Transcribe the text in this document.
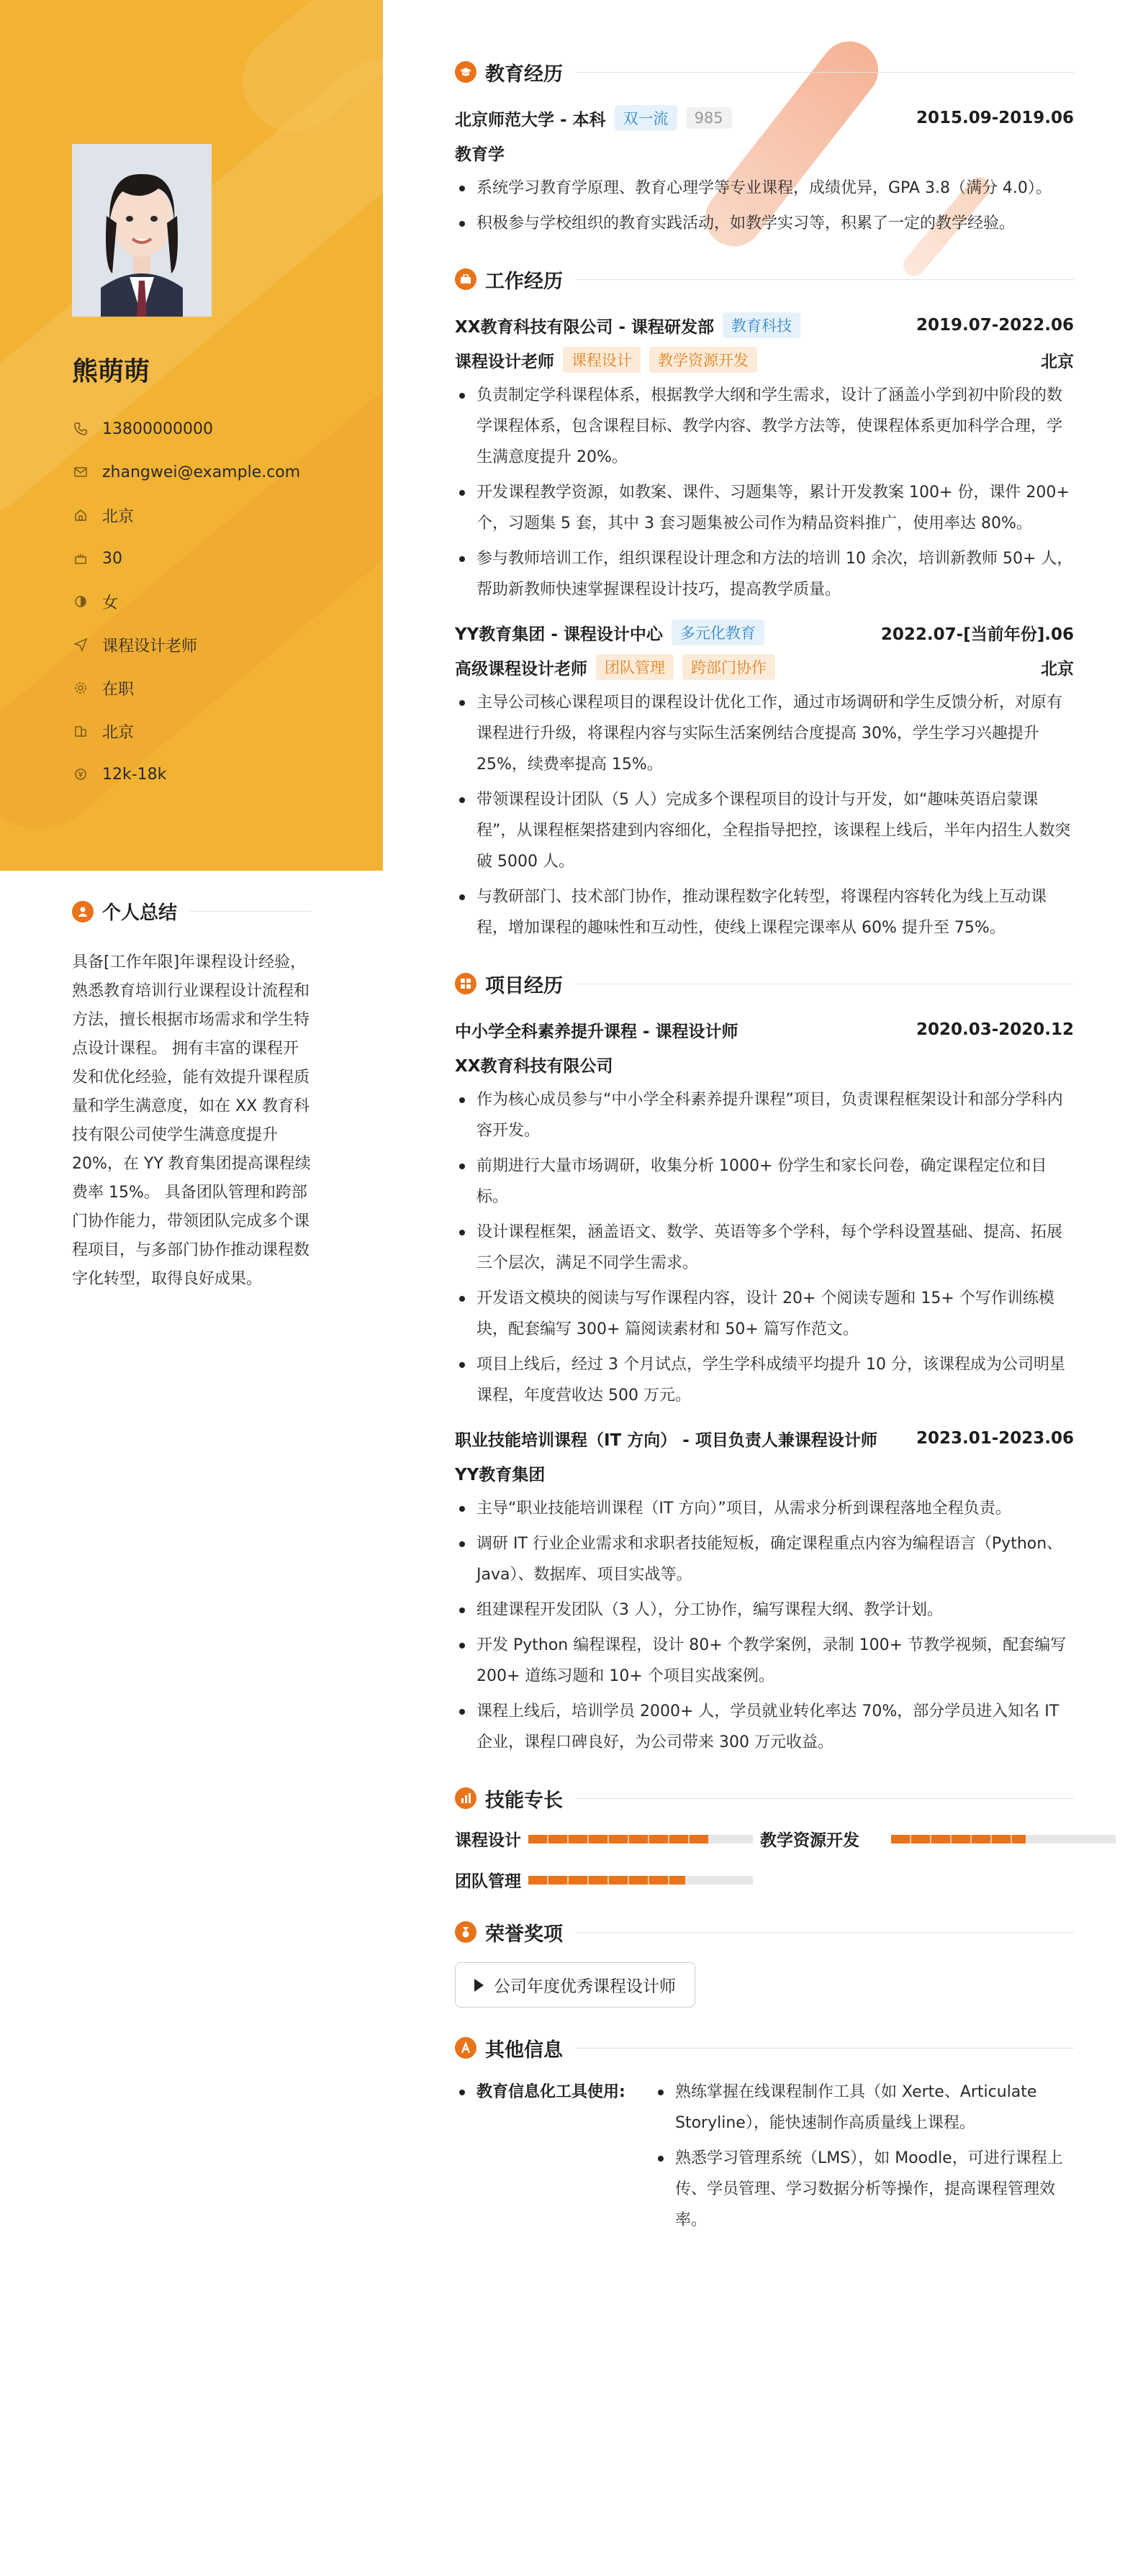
熊萌萌
13800000000
zhangwei@example.com
北京
30
女
课程设计老师
在职
北京
12k-18k
个人总结
具备[工作年限]年课程设计经验，熟悉教育培训行业课程设计流程和方法，擅长根据市场需求和学生特点设计课程。 拥有丰富的课程开发和优化经验，能有效提升课程质量和学生满意度，如在 XX 教育科技有限公司使学生满意度提升 20%，在 YY 教育集团提高课程续费率 15%。 具备团队管理和跨部门协作能力，带领团队完成多个课程项目，与多部门协作推动课程数字化转型，取得良好成果。
教育经历
北京师范大学 - 本科	双一流	985	2015.09-2019.06
教育学
系统学习教育学原理、教育心理学等专业课程，成绩优异，GPA 3.8（满分 4.0）。
积极参与学校组织的教育实践活动，如教学实习等，积累了一定的教学经验。
工作经历
XX教育科技有限公司 - 课程研发部	教育科技	2019.07-2022.06
课程设计老师	课程设计	教学资源开发	北京
负责制定学科课程体系，根据教学大纲和学生需求，设计了涵盖小学到初中阶段的数学课程体系，包含课程目标、教学内容、教学方法等，使课程体系更加科学合理，学生满意度提升 20%。
开发课程教学资源，如教案、课件、习题集等，累计开发教案 100+ 份，课件 200+ 个，习题集 5 套，其中 3 套习题集被公司作为精品资料推广，使用率达 80%。
参与教师培训工作，组织课程设计理念和方法的培训 10 余次，培训新教师 50+ 人，帮助新教师快速掌握课程设计技巧，提高教学质量。
YY教育集团 - 课程设计中心	多元化教育	2022.07-[当前年份].06
高级课程设计老师	团队管理	跨部门协作	北京
主导公司核心课程项目的课程设计优化工作，通过市场调研和学生反馈分析，对原有课程进行升级，将课程内容与实际生活案例结合度提高 30%，学生学习兴趣提升 25%，续费率提高 15%。
带领课程设计团队（5 人）完成多个课程项目的设计与开发，如“趣味英语启蒙课程”，从课程框架搭建到内容细化，全程指导把控，该课程上线后，半年内招生人数突破 5000 人。
与教研部门、技术部门协作，推动课程数字化转型，将课程内容转化为线上互动课程，增加课程的趣味性和互动性，使线上课程完课率从 60% 提升至 75%。
项目经历
中小学全科素养提升课程 - 课程设计师	2020.03-2020.12
XX教育科技有限公司
作为核心成员参与“中小学全科素养提升课程”项目，负责课程框架设计和部分学科内容开发。
前期进行大量市场调研，收集分析 1000+ 份学生和家长问卷，确定课程定位和目标。
设计课程框架，涵盖语文、数学、英语等多个学科，每个学科设置基础、提高、拓展三个层次，满足不同学生需求。
开发语文模块的阅读与写作课程内容，设计 20+ 个阅读专题和 15+ 个写作训练模块，配套编写 300+ 篇阅读素材和 50+ 篇写作范文。
项目上线后，经过 3 个月试点，学生学科成绩平均提升 10 分，该课程成为公司明星课程，年度营收达 500 万元。
职业技能培训课程（IT 方向） - 项目负责人兼课程设计师 2023.01-2023.06
YY教育集团
主导“职业技能培训课程（IT 方向）”项目，从需求分析到课程落地全程负责。
调研 IT 行业企业需求和求职者技能短板，确定课程重点内容为编程语言（Python、Java）、数据库、项目实战等。
组建课程开发团队（3 人），分工协作，编写课程大纲、教学计划。
开发 Python 编程课程，设计 80+ 个教学案例，录制 100+ 节教学视频，配套编写 200+ 道练习题和 10+ 个项目实战案例。
课程上线后，培训学员 2000+ 人，学员就业转化率达 70%，部分学员进入知名 IT 企业，课程口碑良好，为公司带来 300 万元收益。
技能专长
课程设计	教学资源开发
团队管理
荣誉奖项
公司年度优秀课程设计师
其他信息
教育信息化工具使用:	熟练掌握在线课程制作工具（如 Xerte、Articulate Storyline），能快速制作高质量线上课程。
熟悉学习管理系统（LMS），如 Moodle，可进行课程上传、学员管理、学习数据分析等操作，提高课程管理效率。
